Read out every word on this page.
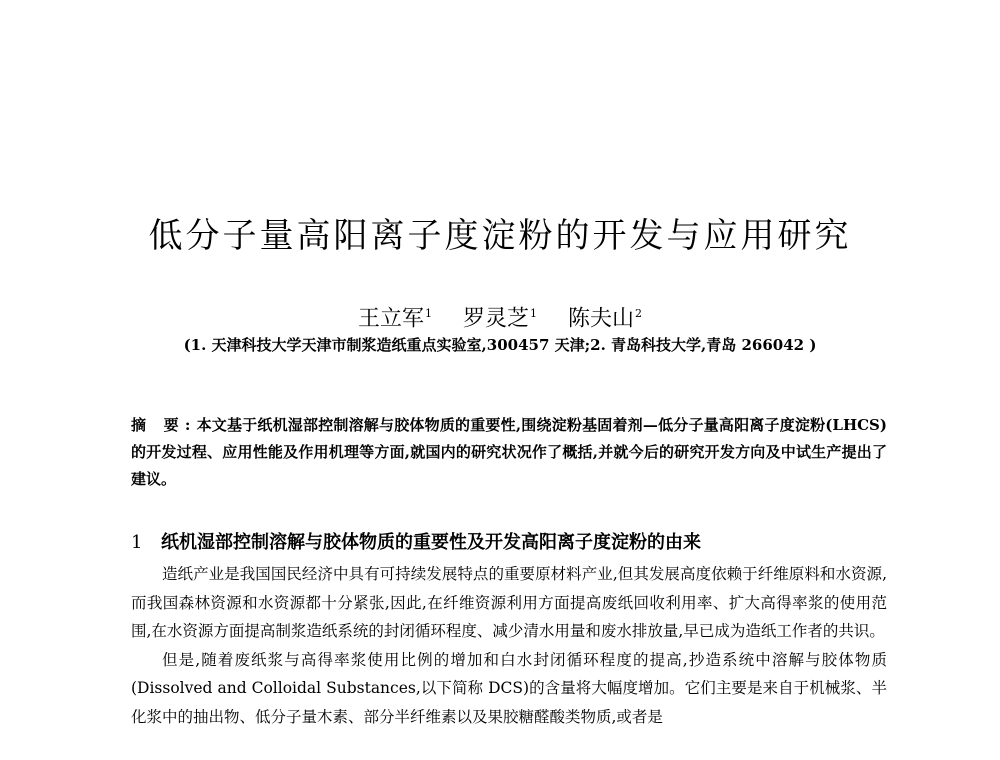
低分子量高阳离子度淀粉的开发与应用研究
王立军$^1$ 罗灵芝$^1$ 陈夫山$^2$
(1. 天津科技大学天津市制浆造纸重点实验室,300457 天津;2. 青岛科技大学,青岛 266042 )
摘 要:本文基于纸机湿部控制溶解与胶体物质的重要性,围绕淀粉基固着剂—低分子量高阳离子度淀粉(LHCS)的开发过程、应用性能及作用机理等方面,就国内的研究状况作了概括,并就今后的研究开发方向及中试生产提出了建议。
1 纸机湿部控制溶解与胶体物质的重要性及开发高阳离子度淀粉的由来

造纸产业是我国国民经济中具有可持续发展特点的重要原材料产业,但其发展高度依赖于纤维原料和水资源,而我国森林资源和水资源都十分紧张,因此,在纤维资源利用方面提高废纸回收利用率、扩大高得率浆的使用范围,在水资源方面提高制浆造纸系统的封闭循环程度、减少清水用量和废水排放量,早已成为造纸工作者的共识。

但是,随着废纸浆与高得率浆使用比例的增加和白水封闭循环程度的提高,抄造系统中溶解与胶体物质(Dissolved and Colloidal Substances,以下简称 DCS)的含量将大幅度增加。它们主要是来自于机械浆、半化浆中的抽出物、低分子量木素、部分半纤维素以及果胶糖醛酸类物质,或者是
